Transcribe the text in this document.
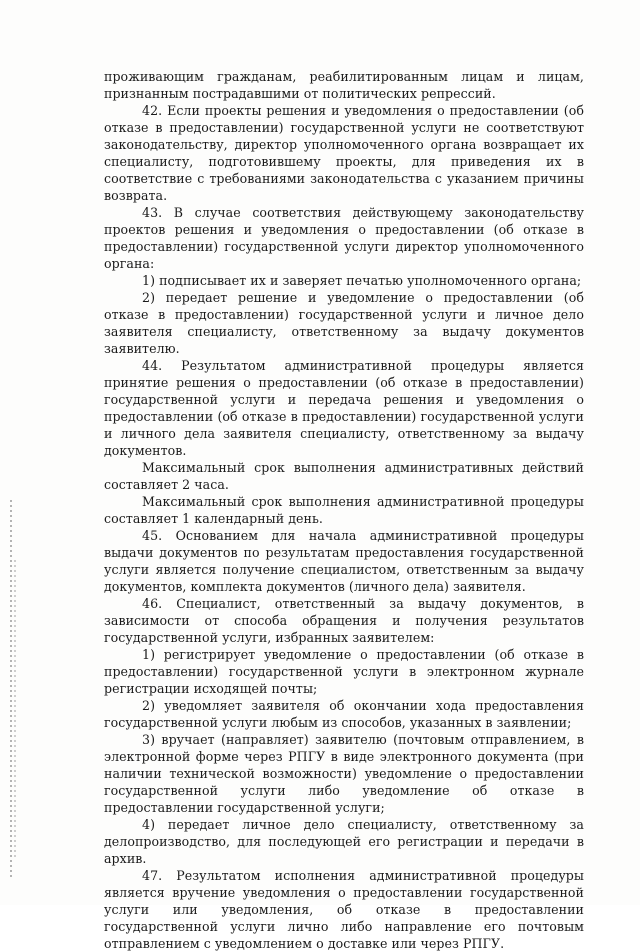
проживающим гражданам, реабилитированным лицам и лицам, признанным пострадавшими от политических репрессий.

42. Если проекты решения и уведомления о предоставлении (об отказе в предоставлении) государственной услуги не соответствуют законодательству, директор уполномоченного органа возвращает их специалисту, подготовившему проекты, для приведения их в соответствие с требованиями законодательства с указанием причины возврата.

43. В случае соответствия действующему законодательству проектов решения и уведомления о предоставлении (об отказе в предоставлении) государственной услуги директор уполномоченного органа:

1) подписывает их и заверяет печатью уполномоченного органа;

2) передает решение и уведомление о предоставлении (об отказе в предоставлении) государственной услуги и личное дело заявителя специалисту, ответственному за выдачу документов заявителю.

44. Результатом административной процедуры является принятие решения о предоставлении (об отказе в предоставлении) государственной услуги и передача решения и уведомления о предоставлении (об отказе в предоставлении) государственной услуги и личного дела заявителя специалисту, ответственному за выдачу документов.

Максимальный срок выполнения административных действий составляет 2 часа.

Максимальный срок выполнения административной процедуры составляет 1 календарный день.

45. Основанием для начала административной процедуры выдачи документов по результатам предоставления государственной услуги является получение специалистом, ответственным за выдачу документов, комплекта документов (личного дела) заявителя.

46. Специалист, ответственный за выдачу документов, в зависимости от способа обращения и получения результатов государственной услуги, избранных заявителем:

1) регистрирует уведомление о предоставлении (об отказе в предоставлении) государственной услуги в электронном журнале регистрации исходящей почты;

2) уведомляет заявителя об окончании хода предоставления государственной услуги любым из способов, указанных в заявлении;

3) вручает (направляет) заявителю (почтовым отправлением, в электронной форме через РПГУ в виде электронного документа (при наличии технической возможности) уведомление о предоставлении государственной услуги либо уведомление об отказе в предоставлении государственной услуги;

4) передает личное дело специалисту, ответственному за делопроизводство, для последующей его регистрации и передачи в архив.

47. Результатом исполнения административной процедуры является вручение уведомления о предоставлении государственной услуги или уведомления, об отказе в предоставлении государственной услуги лично либо направление его почтовым отправлением с уведомлением о доставке или через РПГУ.
